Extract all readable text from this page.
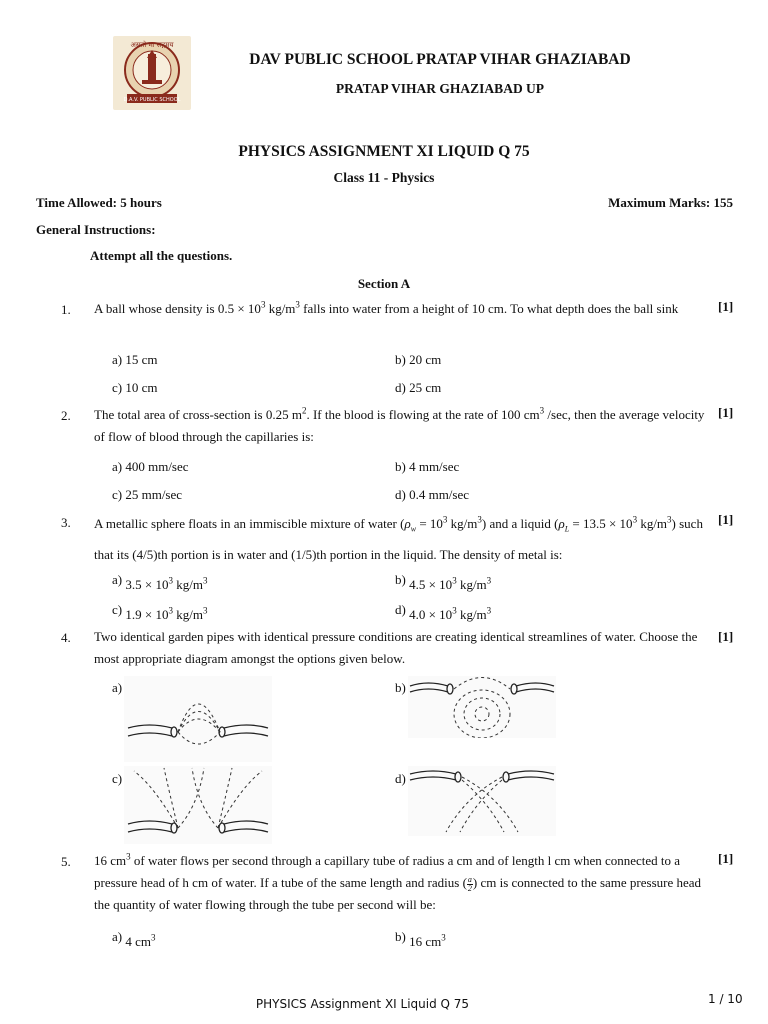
असतो मा सद्गमय
D.A.V. PUBLIC SCHOOL
DAV PUBLIC SCHOOL PRATAP VIHAR GHAZIABAD
PRATAP VIHAR GHAZIABAD UP
PHYSICS ASSIGNMENT XI LIQUID Q 75
Class 11 - Physics
Time Allowed: 5 hours	Maximum Marks: 155
General Instructions:
Attempt all the questions.
Section A
1. A ball whose density is $0.5 \times 10^3$ $kg/m^3$ falls into water from a height of 10 cm. To what depth does the ball sink	[1]
a) 15 cm	b) 20 cm
c) 10 cm	d) 25 cm
2. The total area of cross-section is 0.25 $m^2$. If the blood is flowing at the rate of 100 $cm^3$ /sec, then the average velocity of flow of blood through the capillaries is:
[1]
a) 400 mm/sec	b) 4 mm/sec
c) 25 mm/sec	d) 0.4 mm/sec
3. A metallic sphere floats in an immiscible mixture of water ($\rho_w = 10^3$ $kg/m^3$) and a liquid ($\rho_L = 13.5 \times 10^3$ $kg/m^3$) such that its (4/5)th portion is in water and (1/5)th portion in the liquid. The density of metal is:
[1]
a) $3.5 \times 10^3$ $kg/m^3$	b) $4.5 \times 10^3$ $kg/m^3$
c) $1.9 \times 10^3$ $kg/m^3$	d) $4.0 \times 10^3$ $kg/m^3$
4. Two identical garden pipes with identical pressure conditions are creating identical streamlines of water. Choose the most appropriate diagram amongst the options given below.
[1]
a)	b)
c)	d)
5. 16 $cm^3$ of water flows per second through a capillary tube of radius a cm and of length l cm when connected to a pressure head of h cm of water. If a tube of the same length and radius $(\frac{a}{2})$ cm is connected to the same pressure head the quantity of water flowing through the tube per second will be:
[1]
a) 4 $cm^3$	b) 16 $cm^3$
PHYSICS Assignment XI Liquid Q 75	1 / 10
